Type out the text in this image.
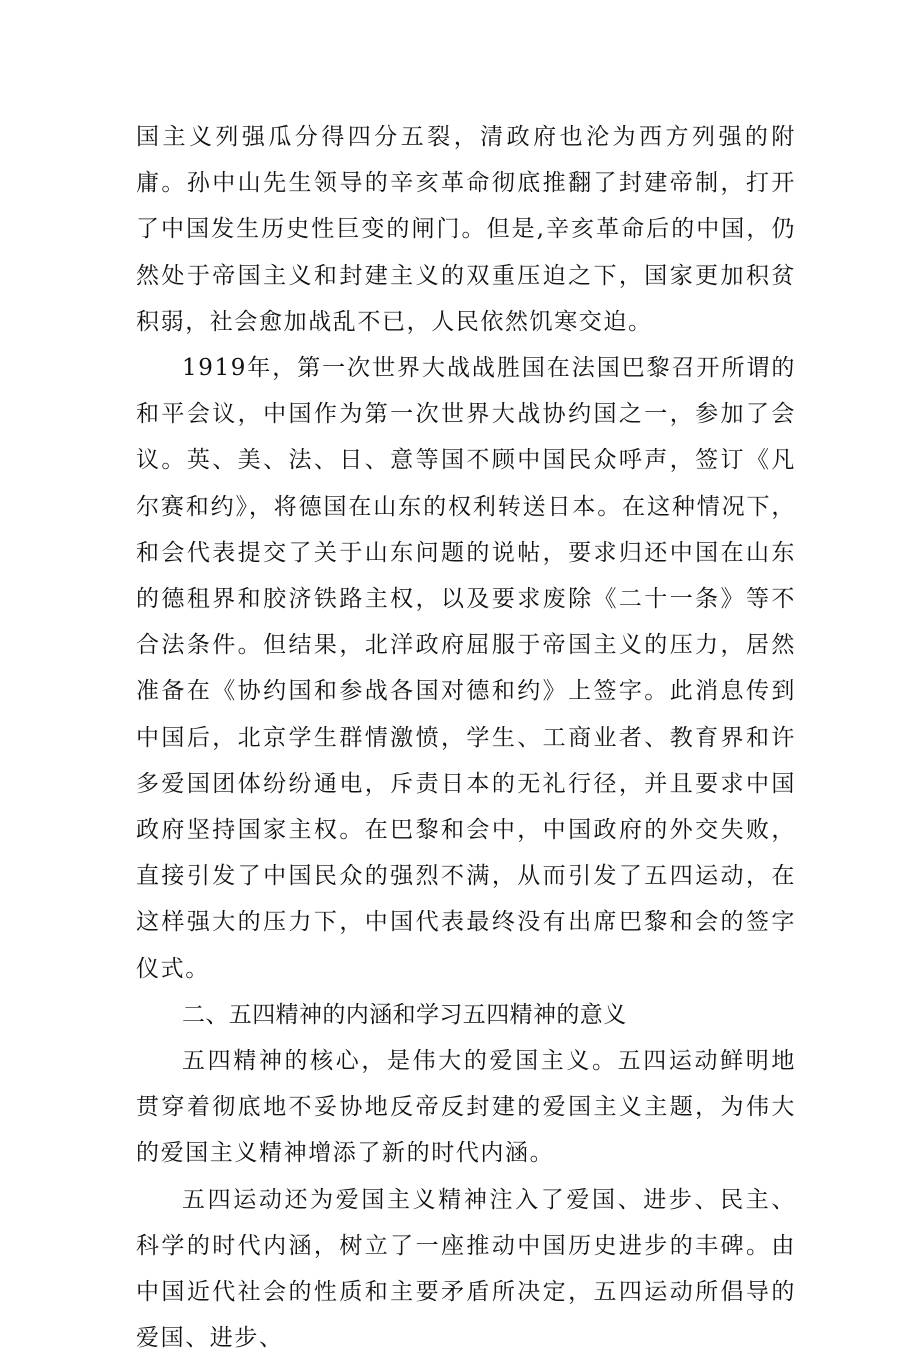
国主义列强瓜分得四分五裂，清政府也沦为西方列强的附庸。孙中山先生领导的辛亥革命彻底推翻了封建帝制，打开了中国发生历史性巨变的闸门。但是,辛亥革命后的中国，仍然处于帝国主义和封建主义的双重压迫之下，国家更加积贫积弱，社会愈加战乱不已，人民依然饥寒交迫。

1919年，第一次世界大战战胜国在法国巴黎召开所谓的和平会议，中国作为第一次世界大战协约国之一，参加了会议。英、美、法、日、意等国不顾中国民众呼声，签订《凡尔赛和约》，将德国在山东的权利转送日本。在这种情况下，和会代表提交了关于山东问题的说帖，要求归还中国在山东的德租界和胶济铁路主权，以及要求废除《二十一条》等不合法条件。但结果，北洋政府屈服于帝国主义的压力，居然准备在《协约国和参战各国对德和约》上签字。此消息传到中国后，北京学生群情激愤，学生、工商业者、教育界和许多爱国团体纷纷通电，斥责日本的无礼行径，并且要求中国政府坚持国家主权。在巴黎和会中，中国政府的外交失败，直接引发了中国民众的强烈不满，从而引发了五四运动，在这样强大的压力下，中国代表最终没有出席巴黎和会的签字仪式。

二、五四精神的内涵和学习五四精神的意义

五四精神的核心，是伟大的爱国主义。五四运动鲜明地贯穿着彻底地不妥协地反帝反封建的爱国主义主题，为伟大的爱国主义精神增添了新的时代内涵。

五四运动还为爱国主义精神注入了爱国、进步、民主、科学的时代内涵，树立了一座推动中国历史进步的丰碑。由中国近代社会的性质和主要矛盾所决定，五四运动所倡导的爱国、进步、
